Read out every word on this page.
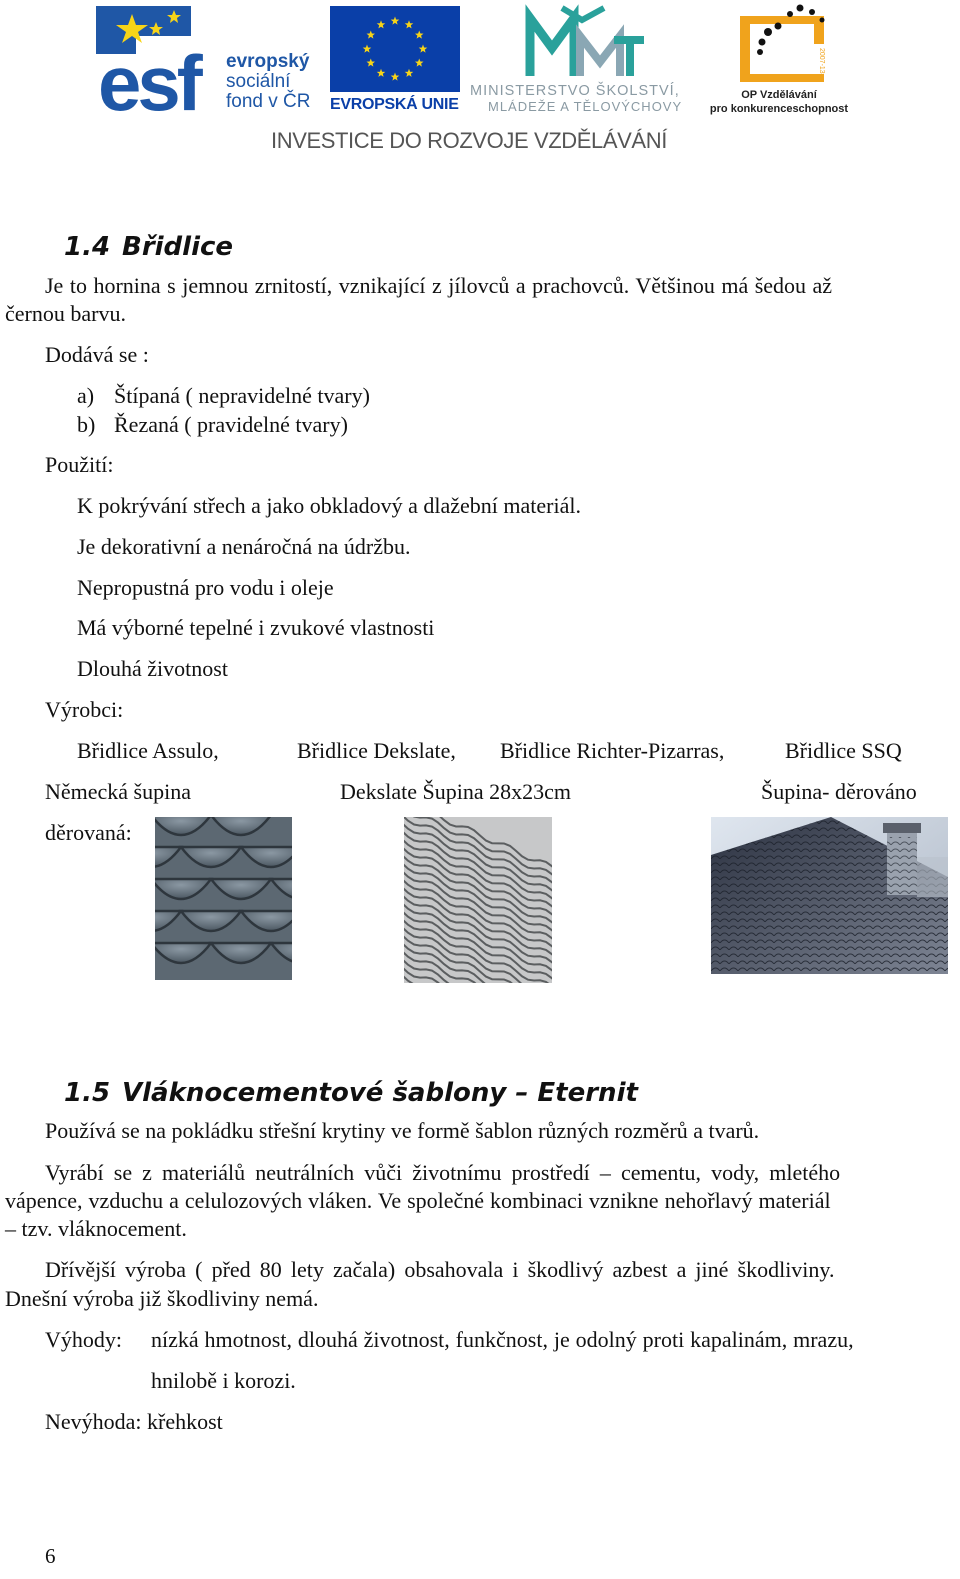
esf evropský
sociální
fond v ČR EVROPSKÁ UNIE
MINISTERSTVO ŠKOLSTVÍ,
MLÁDEŽE A TĚLOVÝCHOVY
2007-13
OP Vzdělávání
pro konkurenceschopnost
INVESTICE DO ROZVOJE VZDĚLÁVÁNÍ
1.4 Břidlice
Je to hornina s jemnou zrnitostí, vznikající z jílovců a prachovců. Většinou má šedou až
černou barvu.
Dodává se :
a) Štípaná ( nepravidelné tvary)
b) Řezaná ( pravidelné tvary)
Použití:
K pokrývání střech a jako obkladový a dlažební materiál.
Je dekorativní a nenáročná na údržbu.
Nepropustná pro vodu i oleje
Má výborné tepelné i zvukové vlastnosti
Dlouhá životnost
Výrobci:
Břidlice Assulo,	Břidlice Dekslate, Břidlice Richter-Pizarras,	Břidlice SSQ
Německá šupina	Dekslate Šupina 28x23cm	Šupina- děrováno
děrovaná:
1.5 Vláknocementové šablony – Eternit
Používá se na pokládku střešní krytiny ve formě šablon různých rozměrů a tvarů.
Vyrábí se z materiálů neutrálních vůči životnímu prostředí – cementu, vody, mletého
vápence, vzduchu a celulozových vláken. Ve společné kombinaci vznikne nehořlavý materiál
– tzv. vláknocement.
Dřívější výroba ( před 80 lety začala) obsahovala i škodlivý azbest a jiné škodliviny.
Dnešní výroba již škodliviny nemá.
Výhody: nízká hmotnost, dlouhá životnost, funkčnost, je odolný proti kapalinám, mrazu,
hnilobě i korozi.
Nevýhoda: křehkost
6
